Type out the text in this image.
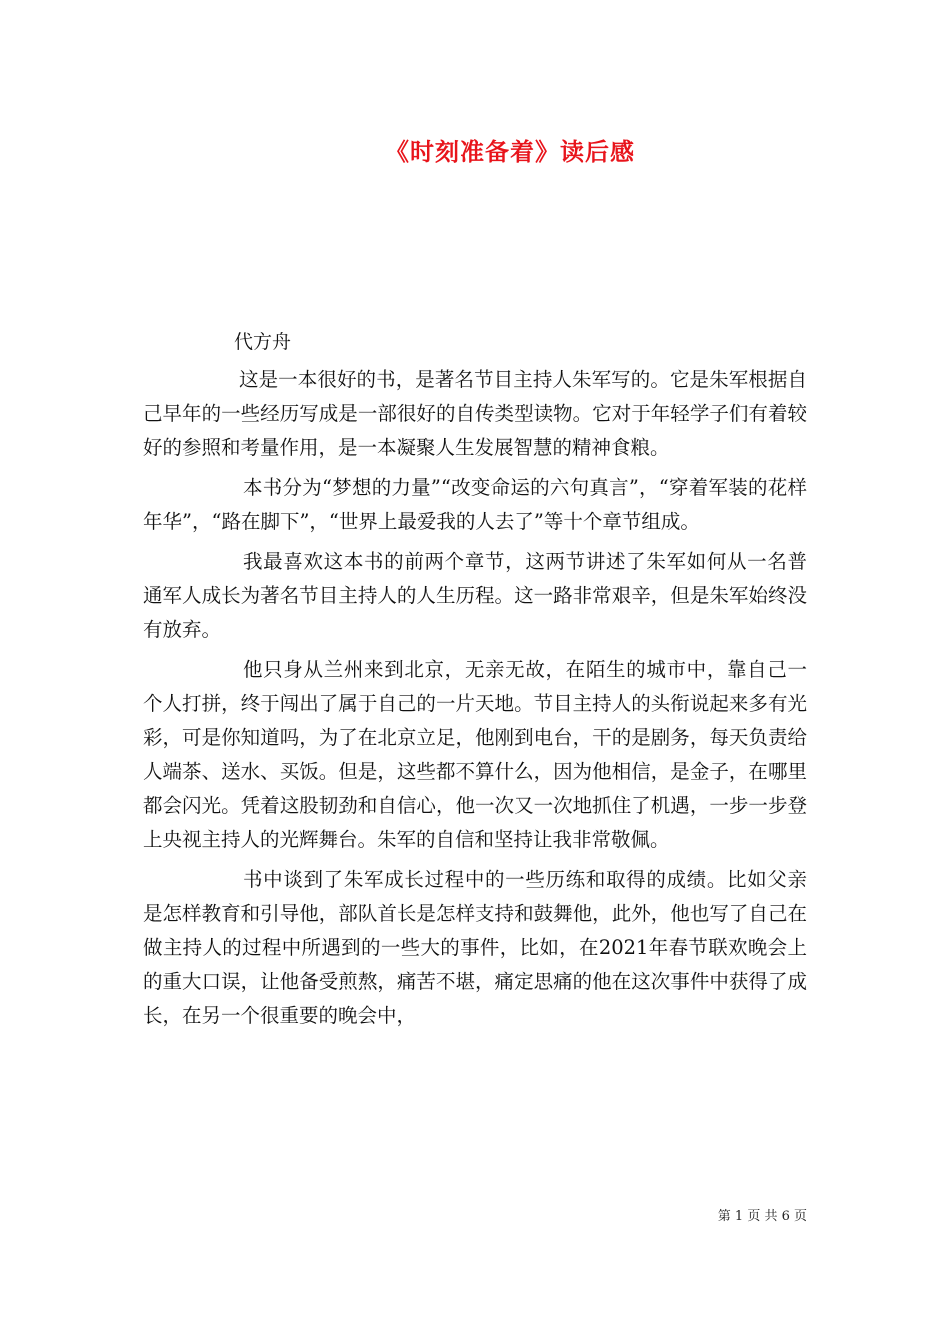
《时刻准备着》读后感
代方舟

这是一本很好的书，是著名节目主持人朱军写的。它是朱军根据自己早年的一些经历写成是一部很好的自传类型读物。它对于年轻学子们有着较好的参照和考量作用，是一本凝聚人生发展智慧的精神食粮。

本书分为“梦想的力量”“改变命运的六句真言”，“穿着军装的花样年华”，“路在脚下”，“世界上最爱我的人去了”等十个章节组成。

我最喜欢这本书的前两个章节，这两节讲述了朱军如何从一名普通军人成长为著名节目主持人的人生历程。这一路非常艰辛，但是朱军始终没有放弃。

他只身从兰州来到北京，无亲无故，在陌生的城市中，靠自己一个人打拼，终于闯出了属于自己的一片天地。节目主持人的头衔说起来多有光彩，可是你知道吗，为了在北京立足，他刚到电台，干的是剧务，每天负责给人端茶、送水、买饭。但是，这些都不算什么，因为他相信，是金子，在哪里都会闪光。凭着这股韧劲和自信心，他一次又一次地抓住了机遇，一步一步登上央视主持人的光辉舞台。朱军的自信和坚持让我非常敬佩。

书中谈到了朱军成长过程中的一些历练和取得的成绩。比如父亲是怎样教育和引导他，部队首长是怎样支持和鼓舞他，此外，他也写了自己在做主持人的过程中所遇到的一些大的事件，比如，在2021年春节联欢晚会上的重大口误，让他备受煎熬，痛苦不堪，痛定思痛的他在这次事件中获得了成长，在另一个很重要的晚会中，

第 1 页 共 6 页
